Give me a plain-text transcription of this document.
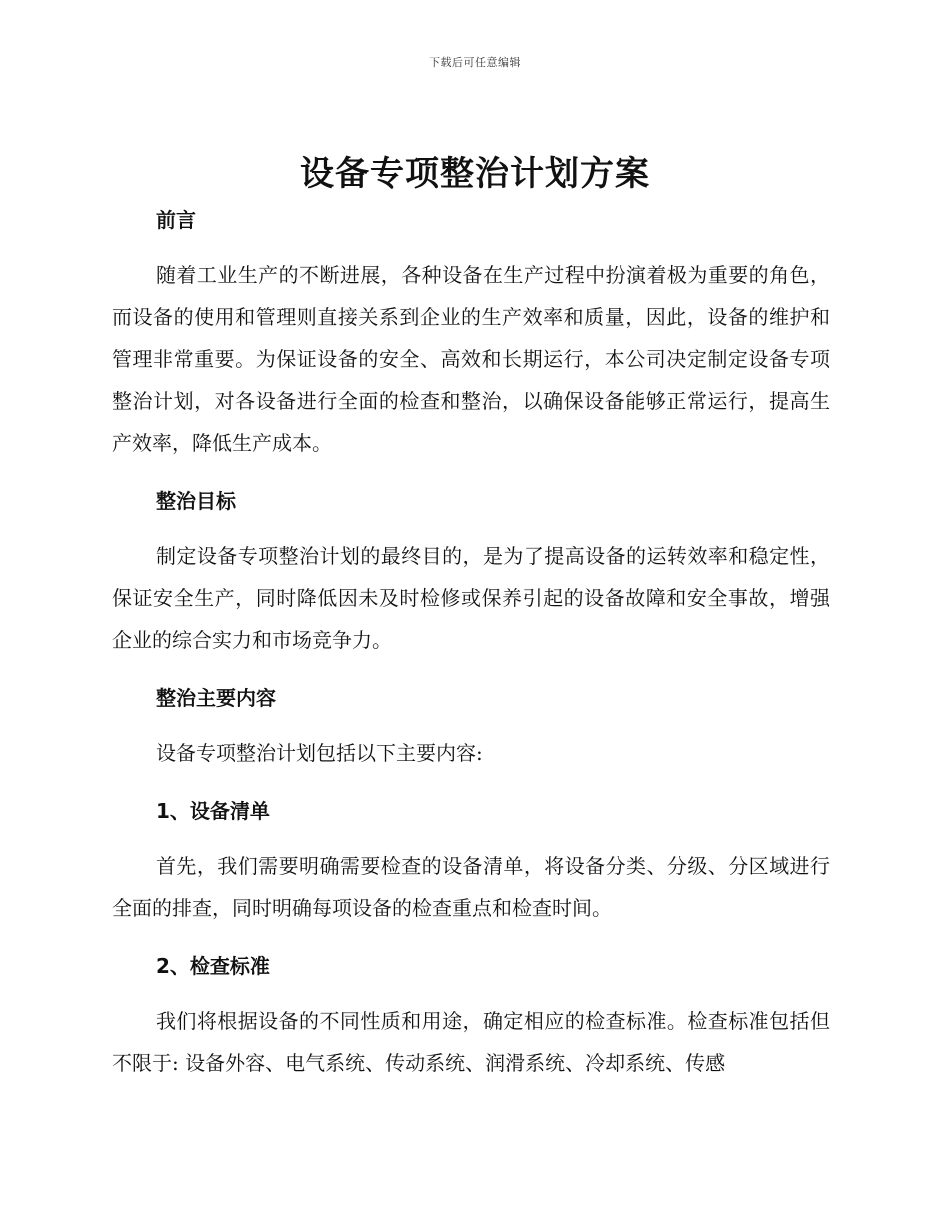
下载后可任意编辑
设备专项整治计划方案

前言

随着工业生产的不断进展，各种设备在生产过程中扮演着极为重要的角色，而设备的使用和管理则直接关系到企业的生产效率和质量，因此，设备的维护和管理非常重要。为保证设备的安全、高效和长期运行，本公司决定制定设备专项整治计划，对各设备进行全面的检查和整治，以确保设备能够正常运行，提高生产效率，降低生产成本。

整治目标

制定设备专项整治计划的最终目的，是为了提高设备的运转效率和稳定性，保证安全生产，同时降低因未及时检修或保养引起的设备故障和安全事故，增强企业的综合实力和市场竞争力。

整治主要内容

设备专项整治计划包括以下主要内容:

1、设备清单

首先，我们需要明确需要检查的设备清单，将设备分类、分级、分区域进行全面的排查，同时明确每项设备的检查重点和检查时间。

2、检查标准

我们将根据设备的不同性质和用途，确定相应的检查标准。检查标准包括但不限于: 设备外容、电气系统、传动系统、润滑系统、冷却系统、传感
